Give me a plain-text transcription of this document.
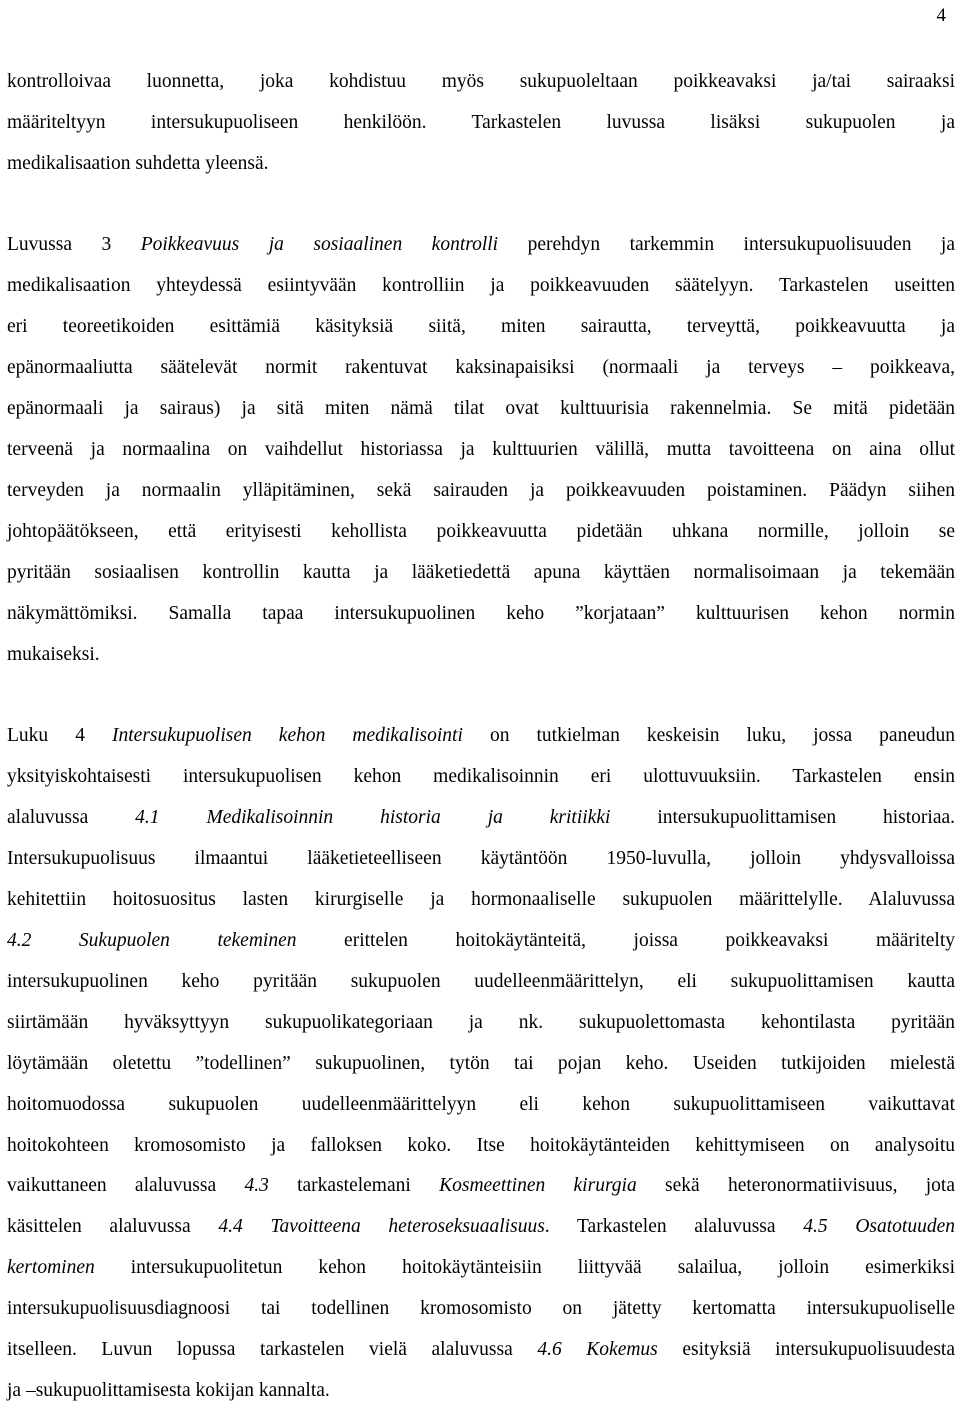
4
kontrolloivaa luonnetta, joka kohdistuu myös sukupuoleltaan poikkeavaksi ja/tai sairaaksi
määriteltyyn intersukupuoliseen henkilöön. Tarkastelen luvussa lisäksi sukupuolen ja
medikalisaation suhdetta yleensä.
Luvussa 3 Poikkeavuus ja sosiaalinen kontrolli perehdyn tarkemmin intersukupuolisuuden ja
medikalisaation yhteydessä esiintyvään kontrolliin ja poikkeavuuden säätelyyn. Tarkastelen useitten
eri teoreetikoiden esittämiä käsityksiä siitä, miten sairautta, terveyttä, poikkeavuutta ja
epänormaaliutta säätelevät normit rakentuvat kaksinapaisiksi (normaali ja terveys – poikkeava,
epänormaali ja sairaus) ja sitä miten nämä tilat ovat kulttuurisia rakennelmia. Se mitä pidetään
terveenä ja normaalina on vaihdellut historiassa ja kulttuurien välillä, mutta tavoitteena on aina ollut
terveyden ja normaalin ylläpitäminen, sekä sairauden ja poikkeavuuden poistaminen. Päädyn siihen
johtopäätökseen, että erityisesti kehollista poikkeavuutta pidetään uhkana normille, jolloin se
pyritään sosiaalisen kontrollin kautta ja lääketiedettä apuna käyttäen normalisoimaan ja tekemään
näkymättömiksi. Samalla tapaa intersukupuolinen keho ”korjataan” kulttuurisen kehon normin
mukaiseksi.
Luku 4 Intersukupuolisen kehon medikalisointi on tutkielman keskeisin luku, jossa paneudun
yksityiskohtaisesti intersukupuolisen kehon medikalisoinnin eri ulottuvuuksiin. Tarkastelen ensin
alaluvussa 4.1 Medikalisoinnin historia ja kritiikki intersukupuolittamisen historiaa.
Intersukupuolisuus ilmaantui lääketieteelliseen käytäntöön 1950-luvulla, jolloin yhdysvalloissa
kehitettiin hoitosuositus lasten kirurgiselle ja hormonaaliselle sukupuolen määrittelylle. Alaluvussa
4.2 Sukupuolen tekeminen erittelen hoitokäytänteitä, joissa poikkeavaksi määritelty
intersukupuolinen keho pyritään sukupuolen uudelleenmäärittelyn, eli sukupuolittamisen kautta
siirtämään hyväksyttyyn sukupuolikategoriaan ja nk. sukupuolettomasta kehontilasta pyritään
löytämään oletettu ”todellinen” sukupuolinen, tytön tai pojan keho. Useiden tutkijoiden mielestä
hoitomuodossa sukupuolen uudelleenmäärittelyyn eli kehon sukupuolittamiseen vaikuttavat
hoitokohteen kromosomisto ja falloksen koko. Itse hoitokäytänteiden kehittymiseen on analysoitu
vaikuttaneen alaluvussa 4.3 tarkastelemani Kosmeettinen kirurgia sekä heteronormatiivisuus, jota
käsittelen alaluvussa 4.4 Tavoitteena heteroseksuaalisuus. Tarkastelen alaluvussa 4.5 Osatotuuden
kertominen intersukupuolitetun kehon hoitokäytänteisiin liittyvää salailua, jolloin esimerkiksi
intersukupuolisuusdiagnoosi tai todellinen kromosomisto on jätetty kertomatta intersukupuoliselle
itselleen. Luvun lopussa tarkastelen vielä alaluvussa 4.6 Kokemus esityksiä intersukupuolisuudesta
ja –sukupuolittamisesta kokijan kannalta.
